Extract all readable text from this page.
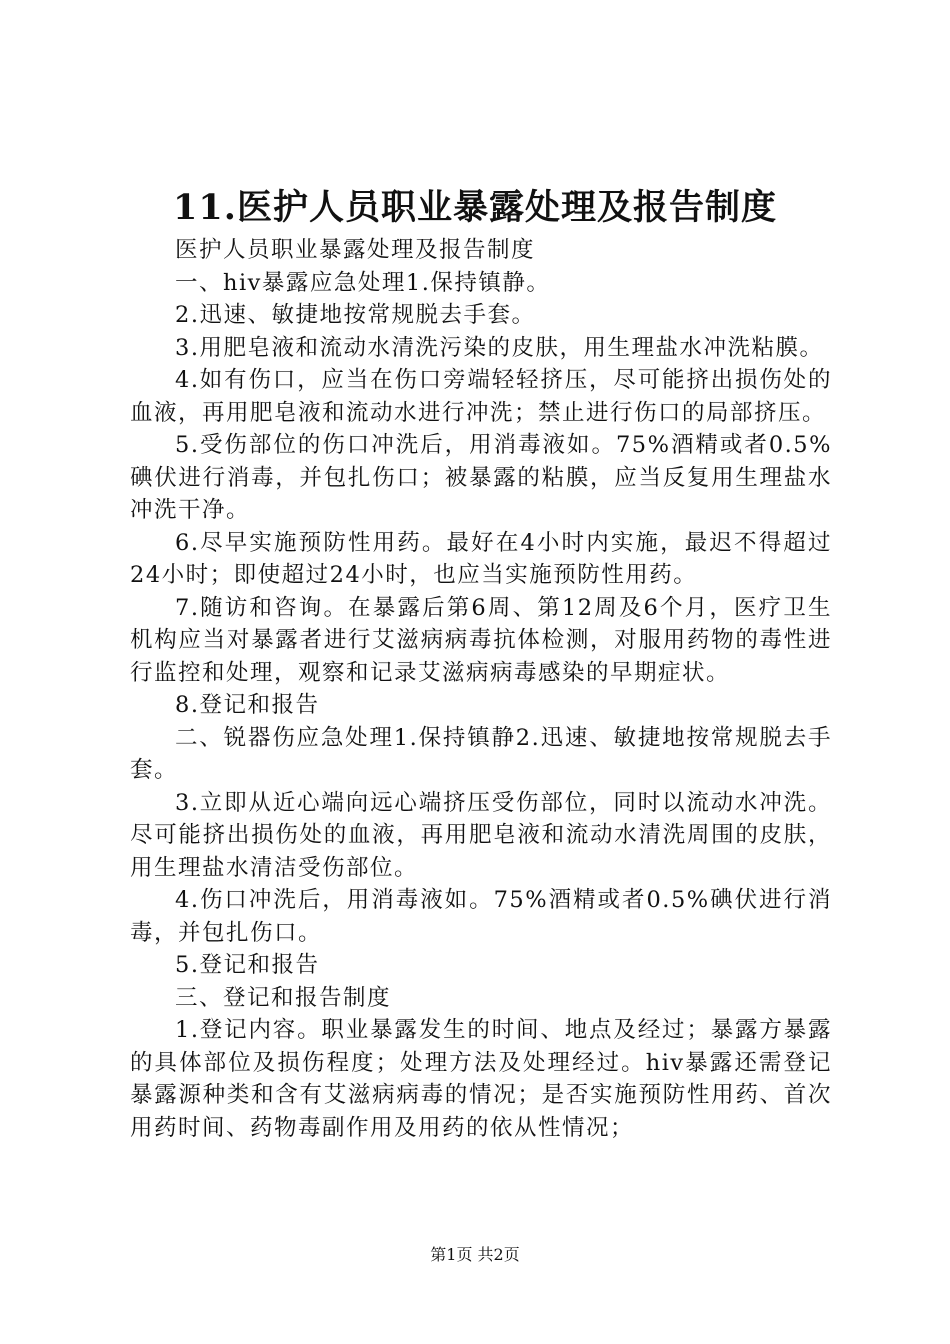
11.医护人员职业暴露处理及报告制度

医护人员职业暴露处理及报告制度

一、hiv暴露应急处理1.保持镇静。

2.迅速、敏捷地按常规脱去手套。

3.用肥皂液和流动水清洗污染的皮肤，用生理盐水冲洗粘膜。

4.如有伤口，应当在伤口旁端轻轻挤压，尽可能挤出损伤处的血液，再用肥皂液和流动水进行冲洗；禁止进行伤口的局部挤压。

5.受伤部位的伤口冲洗后，用消毒液如。75%酒精或者0.5%碘伏进行消毒，并包扎伤口；被暴露的粘膜，应当反复用生理盐水冲洗干净。

6.尽早实施预防性用药。最好在4小时内实施，最迟不得超过24小时；即使超过24小时，也应当实施预防性用药。

7.随访和咨询。在暴露后第6周、第12周及6个月，医疗卫生机构应当对暴露者进行艾滋病病毒抗体检测，对服用药物的毒性进行监控和处理，观察和记录艾滋病病毒感染的早期症状。

8.登记和报告

二、锐器伤应急处理1.保持镇静2.迅速、敏捷地按常规脱去手套。

3.立即从近心端向远心端挤压受伤部位，同时以流动水冲洗。尽可能挤出损伤处的血液，再用肥皂液和流动水清洗周围的皮肤，用生理盐水清洁受伤部位。

4.伤口冲洗后，用消毒液如。75%酒精或者0.5%碘伏进行消毒，并包扎伤口。

5.登记和报告

三、登记和报告制度

1.登记内容。职业暴露发生的时间、地点及经过；暴露方暴露的具体部位及损伤程度；处理方法及处理经过。hiv暴露还需登记暴露源种类和含有艾滋病病毒的情况；是否实施预防性用药、首次用药时间、药物毒副作用及用药的依从性情况；

第1页 共2页
